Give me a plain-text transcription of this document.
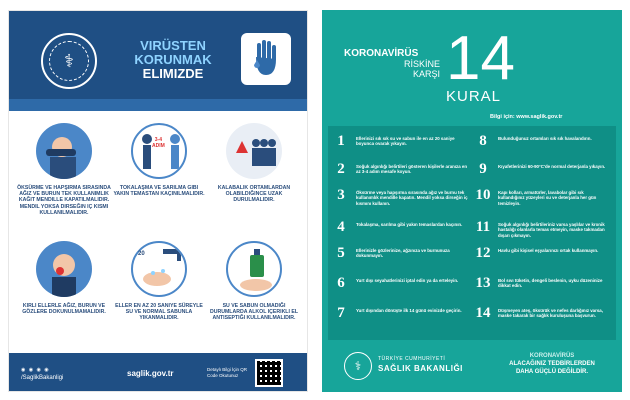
⚕
VIRÜSTEN
KORUNMAK
ELIMIZDE
ÖKSÜRME VE HAPŞIRMA SIRASINDA AĞIZ VE BURUN TEK KULLANIMLIK KAĞIT MENDILLE KAPATILMALIDIR. MENDIL YOKSA DIRSEĞIN IÇ KISMI KULLANILMALIDIR.
3-4
ADIM
TOKALAŞMA VE SARILMA GIBI YAKIN TEMASTAN KAÇINILMALIDIR.
KALABALIK ORTAMLARDAN OLABILDIĞINCE UZAK DURULMALIDIR.
KIRLI ELLERLE AĞIZ, BURUN VE GÖZLERE DOKUNULMAMALIDIR.
20
ELLER EN AZ 20 SANIYE SÜREYLE SU VE NORMAL SABUNLA YIKANMALIDIR.
SU VE SABUN OLMADIĞI DURUMLARDA ALKOL IÇERIKLI EL ANTISEPTIĞI KULLANILMALIDIR.
◉ ◉ ◉ ◉
/SaglikBakanligi	saglik.gov.tr	Detaylı Bilgi İçin QR Code Okutunuz
KORONAVİRÜS
RİSKİNE
KARŞI 14
KURAL
Bilgi için: www.saglik.gov.tr
1	Ellerinizi sık sık su ve sabun ile en az 20 saniye boyunca ovarak yıkayın.
2	Soğuk algınlığı belirtileri gösteren kişilerle aranıza en az 3-4 adım mesafe koyun.
3	Öksürme veya hapşırma sırasında ağız ve burnu tek kullanımlık mendille kapatın. Mendil yoksa dirseğin iç kısmını kullanın.
4	Tokalaşma, sarılma gibi yakın temaslardan kaçının.
5	Ellerinizle gözlerinize, ağzınıza ve burnunuza dokunmayın.
6	Yurt dışı seyahatlerinizi iptal edin ya da erteleyin.
7	Yurt dışından dönüşte ilk 14 günü evinizde geçirin.
8	Bulunduğunuz ortamları sık sık havalandırın.
9	Kıyafetlerinizi 60-90°C'de normal deterjanla yıkayın.
10	Kapı kolları, armatürler, lavabolar gibi sık kullandığınız yüzeyleri su ve deterjanla her gün temizleyin.
11	Soğuk algınlığı belirtileriniz varsa yaşlılar ve kronik hastalığı olanlarla temas etmeyin, maske takmadan dışarı çıkmayın.
12	Havlu gibi kişisel eşyalarınızı ortak kullanmayın.
13	Bol sıvı tüketin, dengeli beslenin, uyku düzeninize dikkat edin.
14	Düşmeyen ateş, öksürük ve nefes darlığınız varsa, maske takarak bir sağlık kuruluşuna başvurun.
⚕	TÜRKİYE CUMHURİYETİ
SAĞLIK BAKANLIĞI
KORONAVİRÜS
ALACAĞINIZ TEDBİRLERDEN
DAHA GÜÇLÜ DEĞİLDİR.
